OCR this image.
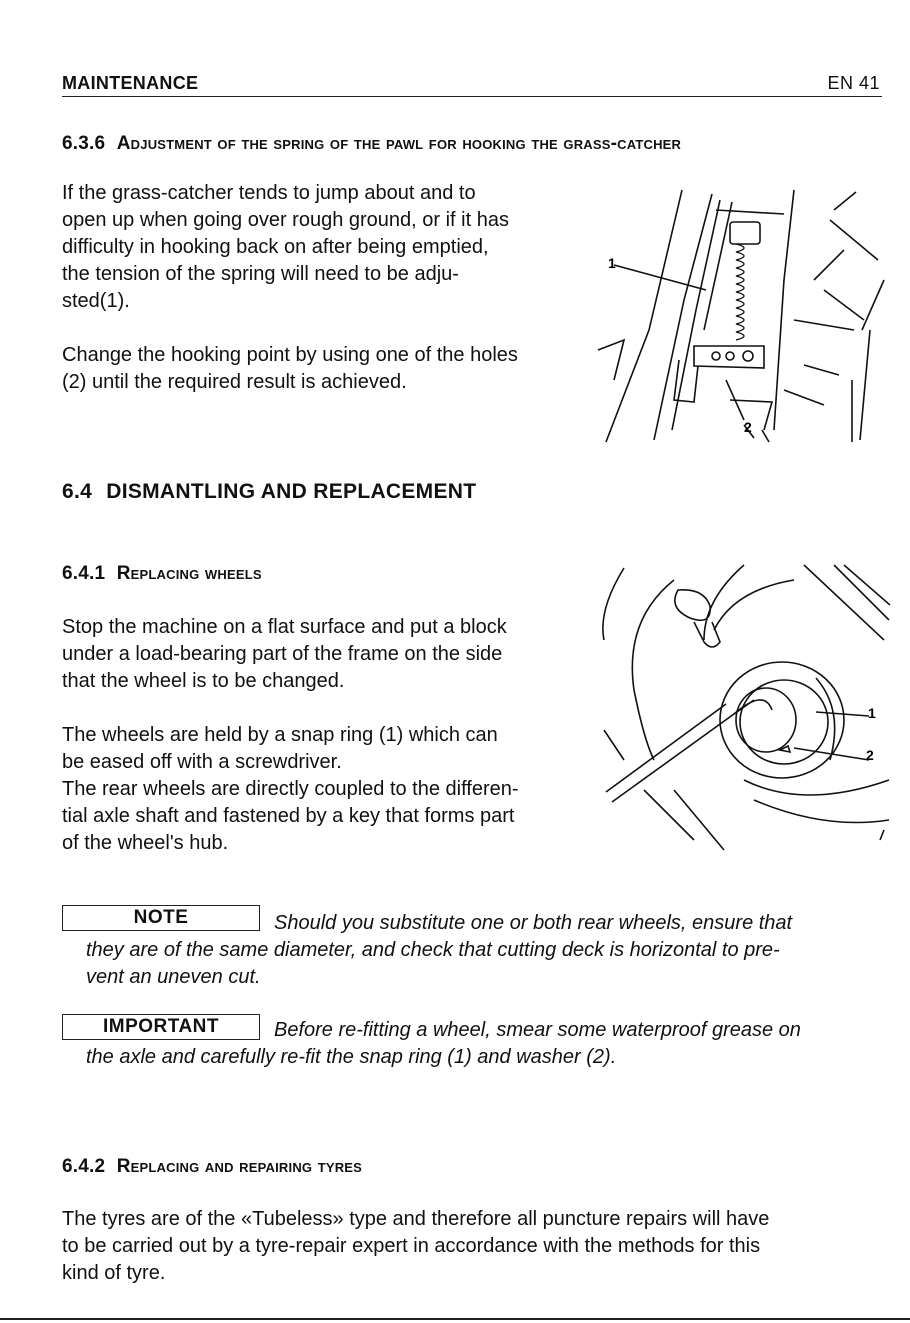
MAINTENANCE	EN 41
6.3.6 Adjustment of the spring of the pawl for hooking the grass-catcher

If the grass-catcher tends to jump about and to

open up when going over rough ground, or if it has

difficulty in hooking back on after being emptied,

the tension of the spring will need to be adju-

sted(1).

Change the hooking point by using one of the holes

(2) until the required result is achieved.

1
2
6.4 DISMANTLING AND REPLACEMENT
6.4.1 Replacing wheels

Stop the machine on a flat surface and put a block

under a load-bearing part of the frame on the side

that the wheel is to be changed.

The wheels are held by a snap ring (1) which can

be eased off with a screwdriver.

The rear wheels are directly coupled to the differen-

tial axle shaft and fastened by a key that forms part

of the wheel's hub.

1
2
NOTE	Should you substitute one or both rear wheels, ensure that

they are of the same diameter, and check that cutting deck is horizontal to pre-

vent an uneven cut.

IMPORTANT	Before re-fitting a wheel, smear some waterproof grease on

the axle and carefully re-fit the snap ring (1) and washer (2).

6.4.2 Replacing and repairing tyres

The tyres are of the «Tubeless» type and therefore all puncture repairs will have

to be carried out by a tyre-repair expert in accordance with the methods for this

kind of tyre.
